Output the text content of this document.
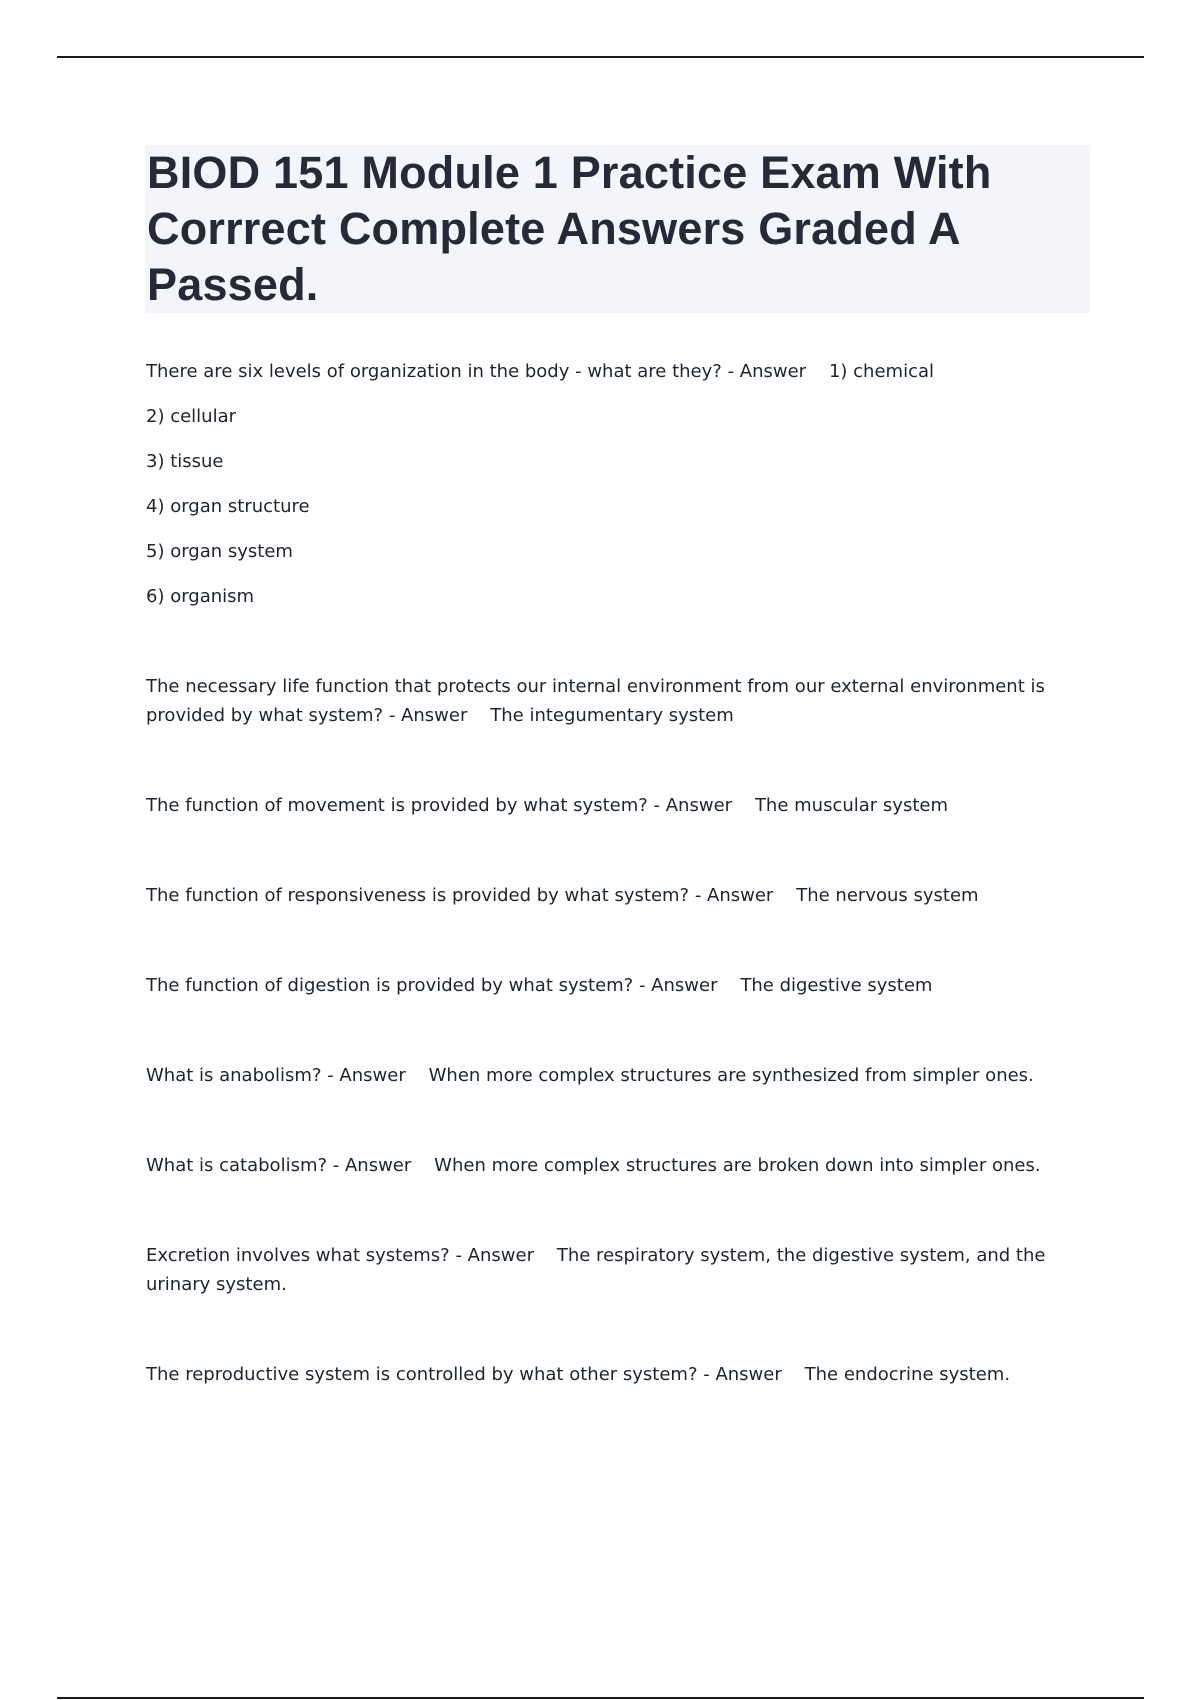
BIOD 151 Module 1 Practice Exam With Corrrect Complete Answers Graded A Passed.

There are six levels of organization in the body - what are they? - Answer 1) chemical

2) cellular
3) tissue
4) organ structure
5) organ system
6) organism

The necessary life function that protects our internal environment from our external environment is provided by what system? - Answer The integumentary system

The function of movement is provided by what system? - Answer The muscular system

The function of responsiveness is provided by what system? - Answer The nervous system

The function of digestion is provided by what system? - Answer The digestive system

What is anabolism? - Answer When more complex structures are synthesized from simpler ones.

What is catabolism? - Answer When more complex structures are broken down into simpler ones.

Excretion involves what systems? - Answer The respiratory system, the digestive system, and the urinary system.

The reproductive system is controlled by what other system? - Answer The endocrine system.
